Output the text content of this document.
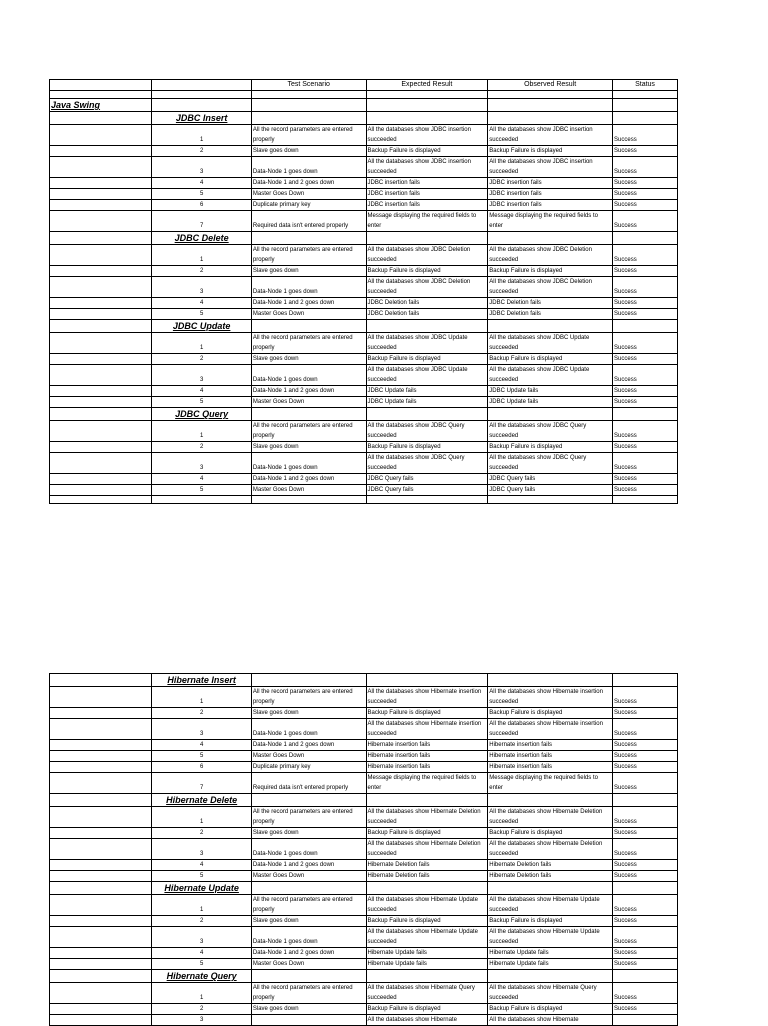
		Test Scenario	Expected Result	Observed Result	Status

Java Swing					
	JDBC Insert				
	1	All the record parameters are entered properly	All the databases show JDBC insertion succeeded	All the databases show JDBC insertion succeeded	Success
	2	Slave goes down	Backup Failure is displayed	Backup Failure is displayed	Success
	3	Data-Node 1 goes down	All the databases show JDBC insertion succeeded	All the databases show JDBC insertion succeeded	Success
	4	Data-Node 1 and 2 goes down	JDBC insertion fails	JDBC insertion fails	Success
	5	Master Goes Down	JDBC insertion fails	JDBC insertion fails	Success
	6	Duplicate primary key	JDBC insertion fails	JDBC insertion fails	Success
	7	Required data isn't entered properly	Message displaying the required fields to enter	Message displaying the required fields to enter	Success
	JDBC Delete				
	1	All the record parameters are entered properly	All the databases show JDBC Deletion succeeded	All the databases show JDBC Deletion succeeded	Success
	2	Slave goes down	Backup Failure is displayed	Backup Failure is displayed	Success
	3	Data-Node 1 goes down	All the databases show JDBC Deletion succeeded	All the databases show JDBC Deletion succeeded	Success
	4	Data-Node 1 and 2 goes down	JDBC Deletion fails	JDBC Deletion fails	Success
	5	Master Goes Down	JDBC Deletion fails	JDBC Deletion fails	Success
	JDBC Update				
	1	All the record parameters are entered properly	All the databases show JDBC Update succeeded	All the databases show JDBC Update succeeded	Success
	2	Slave goes down	Backup Failure is displayed	Backup Failure is displayed	Success
	3	Data-Node 1 goes down	All the databases show JDBC Update succeeded	All the databases show JDBC Update succeeded	Success
	4	Data-Node 1 and 2 goes down	JDBC Update fails	JDBC Update fails	Success
	5	Master Goes Down	JDBC Update fails	JDBC Update fails	Success
	JDBC Query				
	1	All the record parameters are entered properly	All the databases show JDBC Query succeeded	All the databases show JDBC Query succeeded	Success
	2	Slave goes down	Backup Failure is displayed	Backup Failure is displayed	Success
	3	Data-Node 1 goes down	All the databases show JDBC Query succeeded	All the databases show JDBC Query succeeded	Success
	4	Data-Node 1 and 2 goes down	JDBC Query fails	JDBC Query fails	Success
	5	Master Goes Down	JDBC Query fails	JDBC Query fails	Success

	Hibernate Insert				
	1	All the record parameters are entered properly	All the databases show Hibernate insertion succeeded	All the databases show Hibernate insertion succeeded	Success
	2	Slave goes down	Backup Failure is displayed	Backup Failure is displayed	Success
	3	Data-Node 1 goes down	All the databases show Hibernate insertion succeeded	All the databases show Hibernate insertion succeeded	Success
	4	Data-Node 1 and 2 goes down	Hibernate insertion fails	Hibernate insertion fails	Success
	5	Master Goes Down	Hibernate insertion fails	Hibernate insertion fails	Success
	6	Duplicate primary key	Hibernate insertion fails	Hibernate insertion fails	Success
	7	Required data isn't entered properly	Message displaying the required fields to enter	Message displaying the required fields to enter	Success
	Hibernate Delete				
	1	All the record parameters are entered properly	All the databases show Hibernate Deletion succeeded	All the databases show Hibernate Deletion succeeded	Success
	2	Slave goes down	Backup Failure is displayed	Backup Failure is displayed	Success
	3	Data-Node 1 goes down	All the databases show Hibernate Deletion succeeded	All the databases show Hibernate Deletion succeeded	Success
	4	Data-Node 1 and 2 goes down	Hibernate Deletion fails	Hibernate Deletion fails	Success
	5	Master Goes Down	Hibernate Deletion fails	Hibernate Deletion fails	Success
	Hibernate Update				
	1	All the record parameters are entered properly	All the databases show Hibernate Update succeeded	All the databases show Hibernate Update succeeded	Success
	2	Slave goes down	Backup Failure is displayed	Backup Failure is displayed	Success
	3	Data-Node 1 goes down	All the databases show Hibernate Update succeeded	All the databases show Hibernate Update succeeded	Success
	4	Data-Node 1 and 2 goes down	Hibernate Update fails	Hibernate Update fails	Success
	5	Master Goes Down	Hibernate Update fails	Hibernate Update fails	Success
	Hibernate Query				
	1	All the record parameters are entered properly	All the databases show Hibernate Query succeeded	All the databases show Hibernate Query succeeded	Success
	2	Slave goes down	Backup Failure is displayed	Backup Failure is displayed	Success
	3		All the databases show Hibernate	All the databases show Hibernate	
